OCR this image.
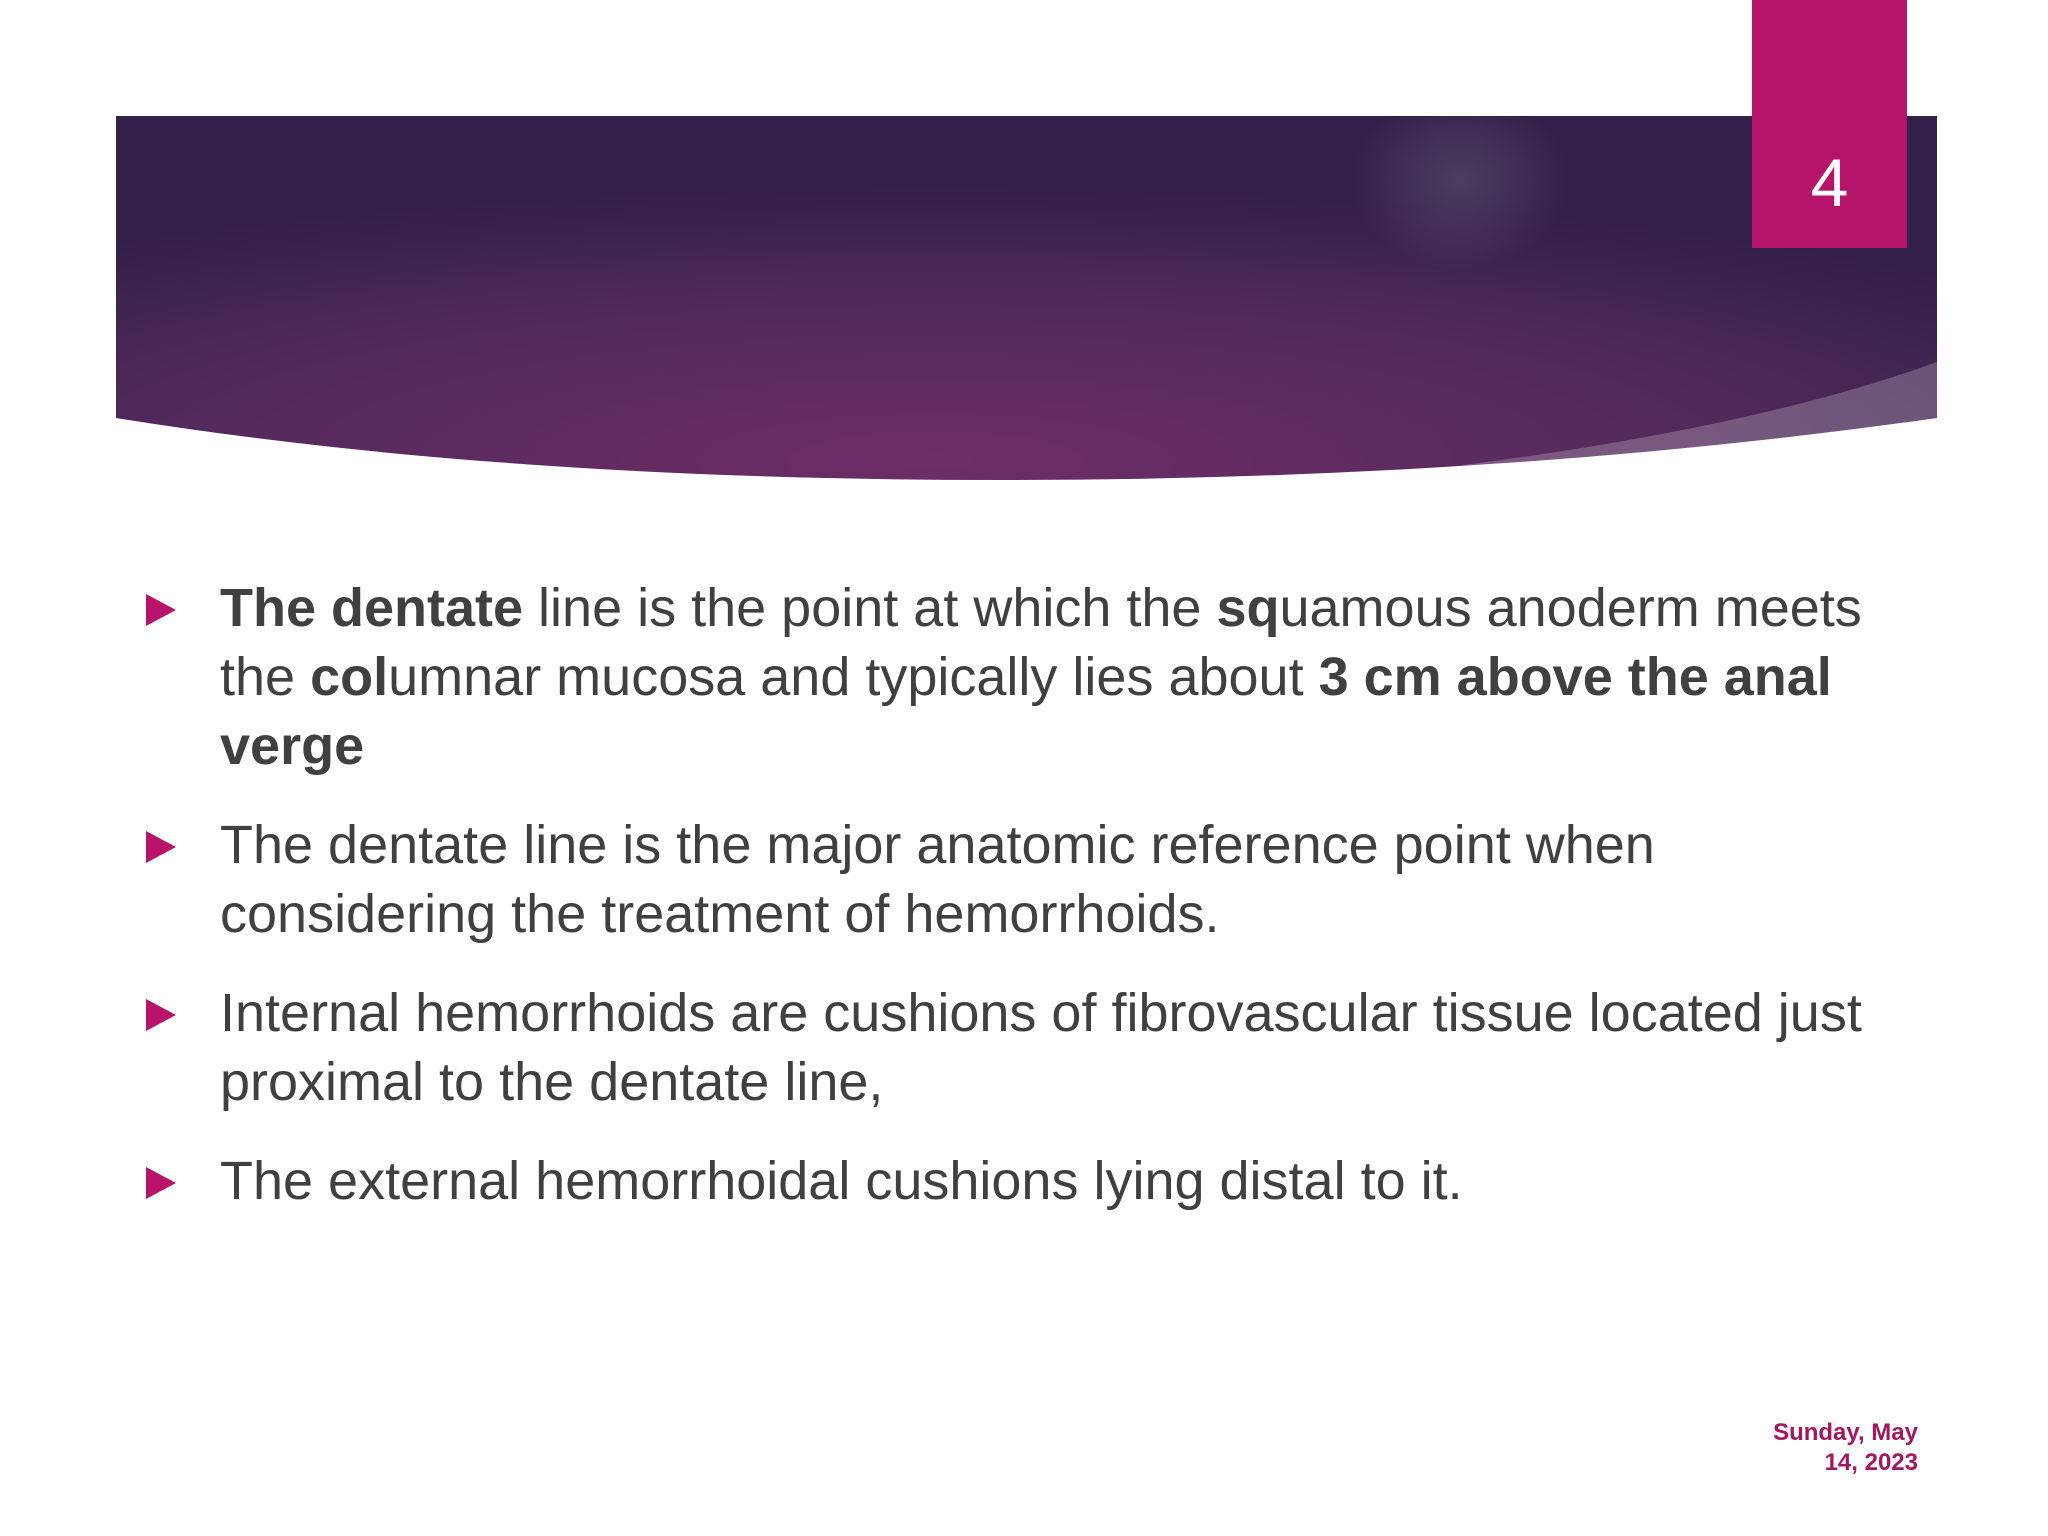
4
The dentate line is the point at which the squamous anoderm meets the columnar mucosa and typically lies about 3 cm above the anal verge
The dentate line is the major anatomic reference point when considering the treatment of hemorrhoids.
Internal hemorrhoids are cushions of fibrovascular tissue located just proximal to the dentate line,
The external hemorrhoidal cushions lying distal to it.
Sunday, May
14, 2023
